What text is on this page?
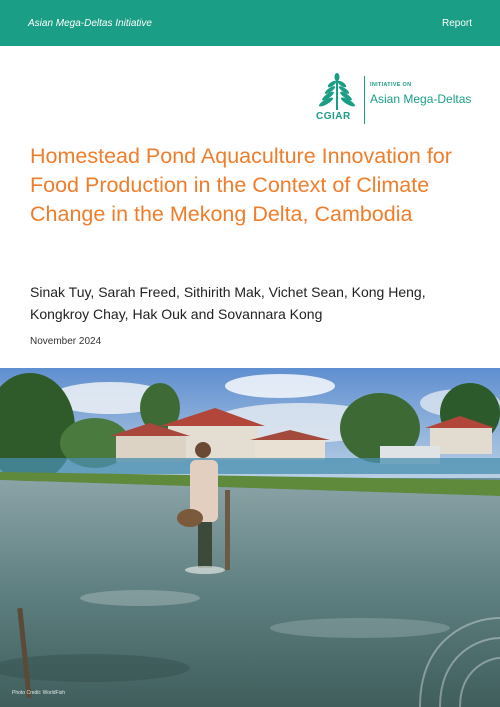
Asian Mega-Deltas Initiative	Report
CGIAR
INITIATIVE ON
Asian Mega-Deltas
Homestead Pond Aquaculture Innovation for Food Production in the Context of Climate Change in the Mekong Delta, Cambodia
Sinak Tuy, Sarah Freed, Sithirith Mak, Vichet Sean, Kong Heng, Kongkroy Chay, Hak Ouk and Sovannara Kong
November 2024
Photo Credit: WorldFish
